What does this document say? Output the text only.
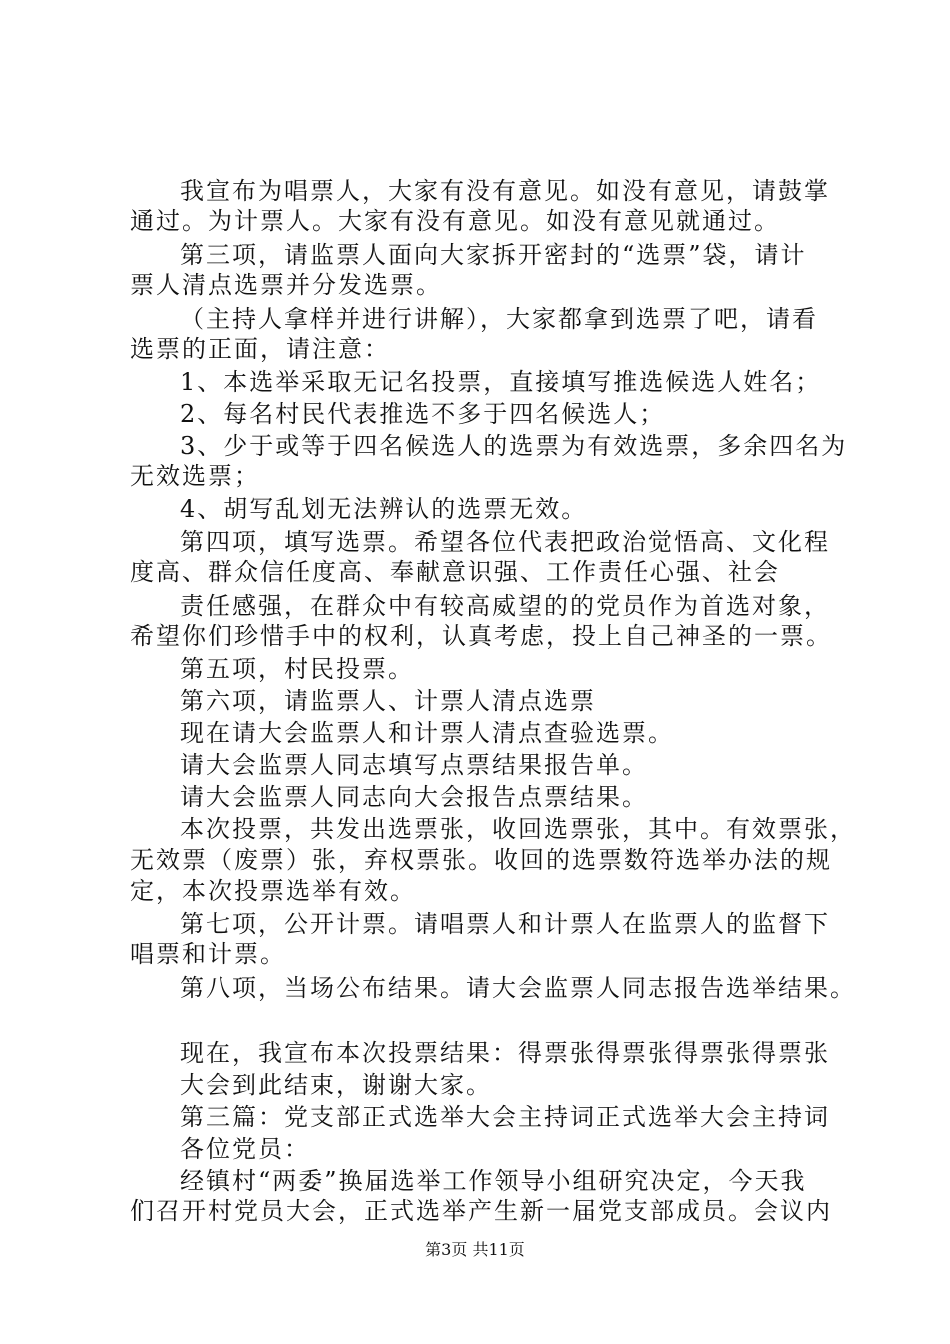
我宣布为唱票人，大家有没有意见。如没有意见，请鼓掌
通过。为计票人。大家有没有意见。如没有意见就通过。
第三项，请监票人面向大家拆开密封的“选票”袋，请计
票人清点选票并分发选票。
（主持人拿样并进行讲解），大家都拿到选票了吧，请看
选票的正面，请注意：
1、本选举采取无记名投票，直接填写推选候选人姓名；
2、每名村民代表推选不多于四名候选人；
3、少于或等于四名候选人的选票为有效选票，多余四名为
无效选票；
4、胡写乱划无法辨认的选票无效。
第四项，填写选票。希望各位代表把政治觉悟高、文化程
度高、群众信任度高、奉献意识强、工作责任心强、社会
责任感强，在群众中有较高威望的的党员作为首选对象，
希望你们珍惜手中的权利，认真考虑，投上自己神圣的一票。
第五项，村民投票。
第六项，请监票人、计票人清点选票
现在请大会监票人和计票人清点查验选票。
请大会监票人同志填写点票结果报告单。
请大会监票人同志向大会报告点票结果。
本次投票，共发出选票张，收回选票张，其中。有效票张，
无效票（废票）张，弃权票张。收回的选票数符选举办法的规
定，本次投票选举有效。
第七项，公开计票。请唱票人和计票人在监票人的监督下
唱票和计票。
第八项，当场公布结果。请大会监票人同志报告选举结果。
现在，我宣布本次投票结果：得票张得票张得票张得票张
大会到此结束，谢谢大家。
第三篇：党支部正式选举大会主持词正式选举大会主持词
各位党员：
经镇村“两委”换届选举工作领导小组研究决定，今天我
们召开村党员大会，正式选举产生新一届党支部成员。会议内
第3页 共11页
